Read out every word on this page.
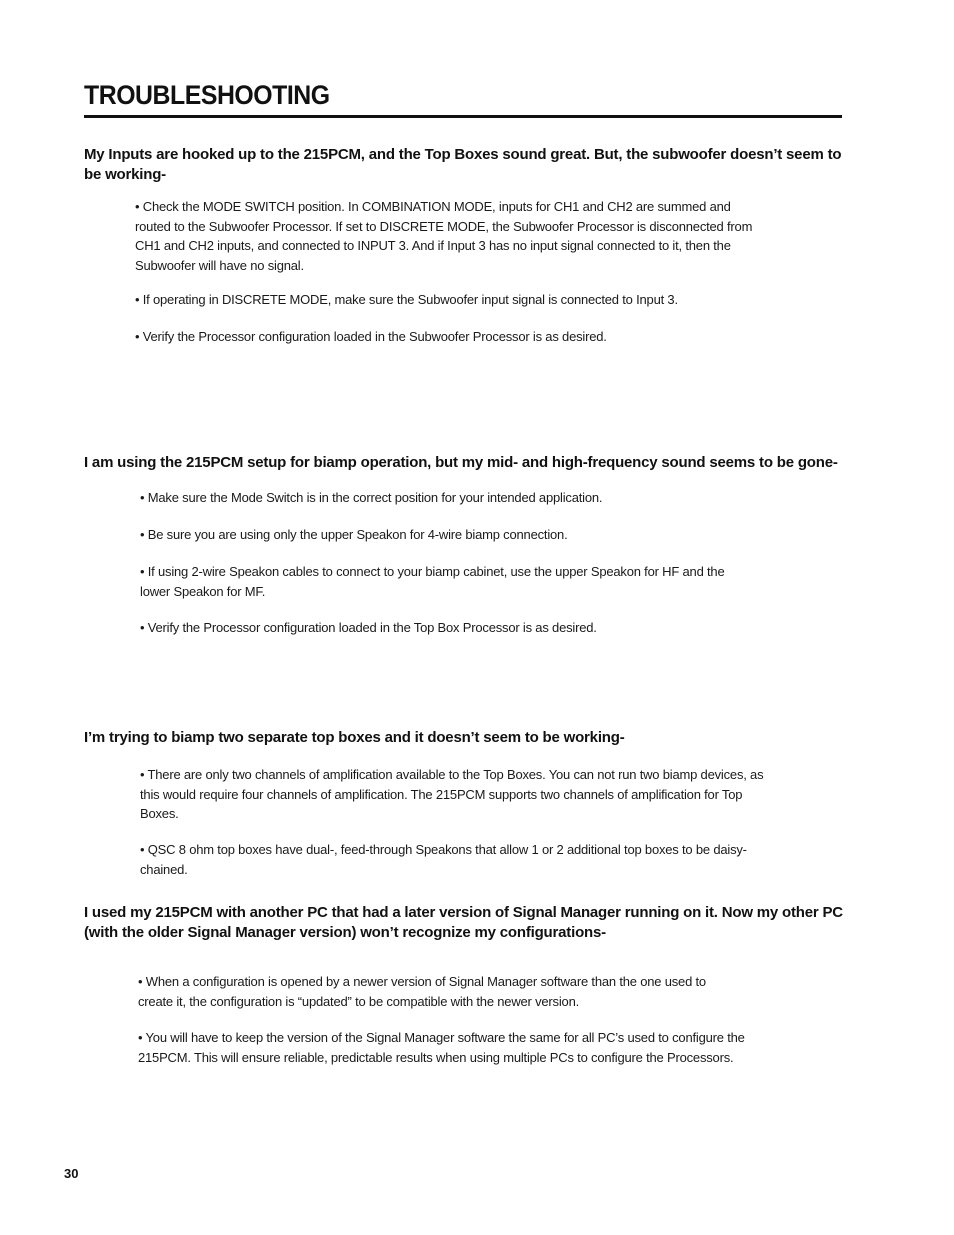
TROUBLESHOOTING

My Inputs are hooked up to the 215PCM, and the Top Boxes sound great. But, the subwoofer doesn’t seem to be working-

• Check the MODE SWITCH position. In COMBINATION MODE, inputs for CH1 and CH2 are summed and routed to the Subwoofer Processor. If set to DISCRETE MODE, the Subwoofer Processor is disconnected from CH1 and CH2 inputs, and connected to INPUT 3. And if Input 3 has no input signal connected to it, then the Subwoofer will have no signal.

• If operating in DISCRETE MODE, make sure the Subwoofer input signal is connected to Input 3.

• Verify the Processor configuration loaded in the Subwoofer Processor is as desired.

I am using the 215PCM setup for biamp operation, but my mid- and high-frequency sound seems to be gone-

• Make sure the Mode Switch is in the correct position for your intended application.

• Be sure you are using only the upper Speakon for 4-wire biamp connection.

• If using 2-wire Speakon cables to connect to your biamp cabinet, use the upper Speakon for HF and the lower Speakon for MF.

• Verify the Processor configuration loaded in the Top Box Processor is as desired.

I’m trying to biamp two separate top boxes and it doesn’t seem to be working-

• There are only two channels of amplification available to the Top Boxes. You can not run two biamp devices, as this would require four channels of amplification. The 215PCM supports two channels of amplification for Top Boxes.

• QSC 8 ohm top boxes have dual-, feed-through Speakons that allow 1 or 2 additional top boxes to be daisy-chained.

I used my 215PCM with another PC that had a later version of Signal Manager running on it. Now my other PC (with the older Signal Manager version) won’t recognize my configurations-

• When a configuration is opened by a newer version of Signal Manager software than the one used to create it, the configuration is “updated” to be compatible with the newer version.

• You will have to keep the version of the Signal Manager software the same for all PC’s used to configure the 215PCM. This will ensure reliable, predictable results when using multiple PCs to configure the Processors.

30
